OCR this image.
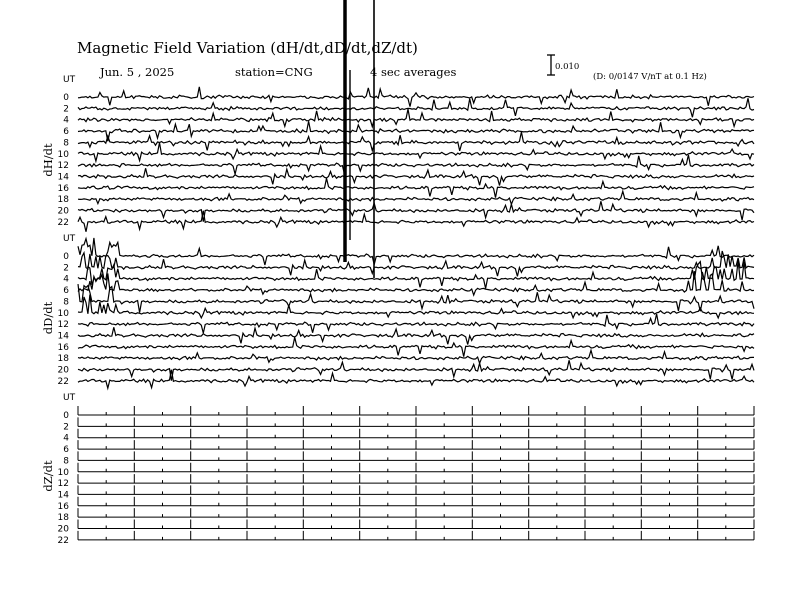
Magnetic Field Variation (dH/dt,dD/dt,dZ/dt)
Jun. 5 , 2025	station=CNG	4 sec averages	0.010
(D: 0/0147 V/nT at 0.1 Hz)
UT
dH/dt
0
2
4
6
8
10
12
14
16
18
20
22
UT
dD/dt
0
2
4
6
8
10
12
14
16
18
20
22
UT
dZ/dt
0
2
4
6
8
10
12
14
16
18
20
22
